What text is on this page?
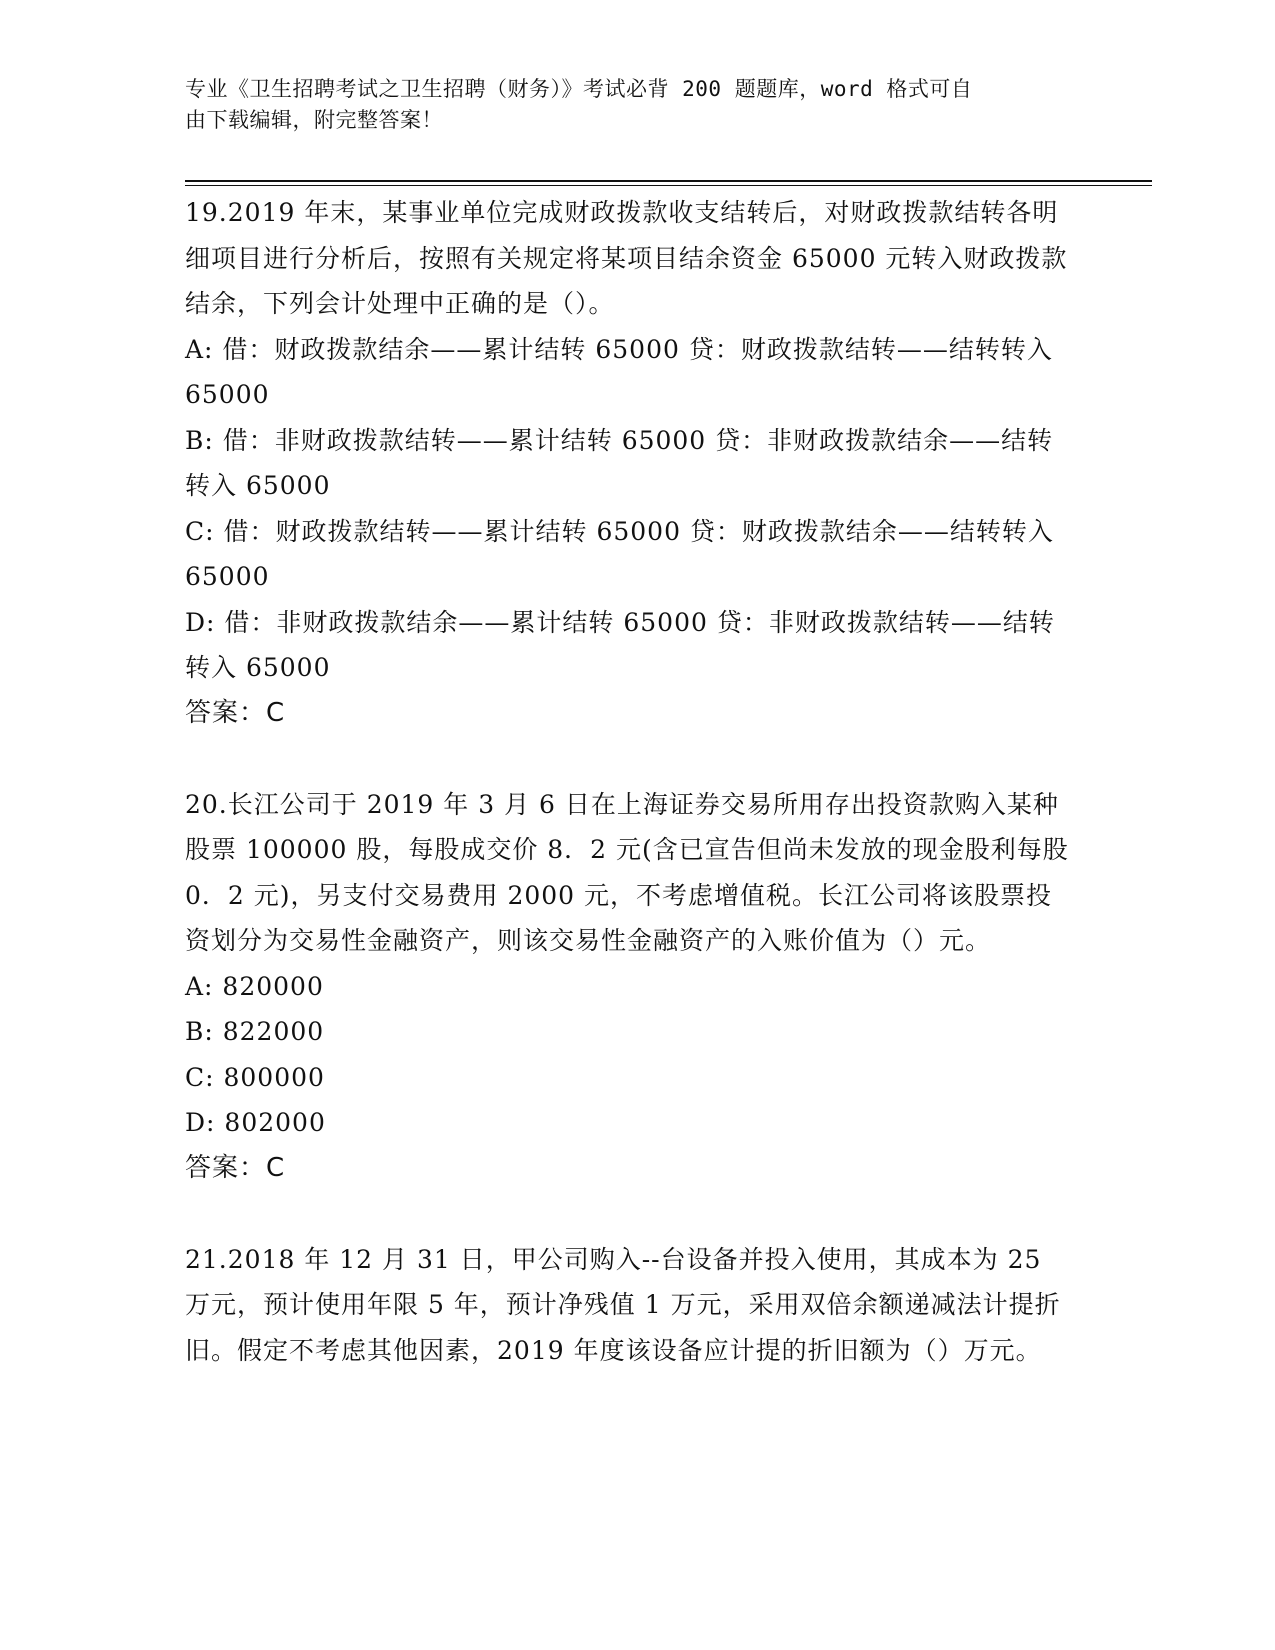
专业《卫生招聘考试之卫生招聘（财务）》考试必背 200 题题库，word 格式可自
由下载编辑，附完整答案！

19.2019 年末，某事业单位完成财政拨款收支结转后，对财政拨款结转各明细项目进行分析后，按照有关规定将某项目结余资金 65000 元转入财政拨款结余，下列会计处理中正确的是（）。

A: 借：财政拨款结余——累计结转 65000 贷：财政拨款结转——结转转入 65000

B: 借：非财政拨款结转——累计结转 65000 贷：非财政拨款结余——结转转入 65000

C: 借：财政拨款结转——累计结转 65000 贷：财政拨款结余——结转转入 65000

D: 借：非财政拨款结余——累计结转 65000 贷：非财政拨款结转——结转转入 65000

答案：C

20.长江公司于 2019 年 3 月 6 日在上海证券交易所用存出投资款购入某种股票 100000 股，每股成交价 8．2 元(含已宣告但尚未发放的现金股利每股 0．2 元)，另支付交易费用 2000 元，不考虑增值税。长江公司将该股票投资划分为交易性金融资产，则该交易性金融资产的入账价值为（）元。

A: 820000

B: 822000

C: 800000

D: 802000

答案：C

21.2018 年 12 月 31 日，甲公司购入--台设备并投入使用，其成本为 25 万元，预计使用年限 5 年，预计净残值 1 万元，采用双倍余额递减法计提折旧。假定不考虑其他因素，2019 年度该设备应计提的折旧额为（）万元。
